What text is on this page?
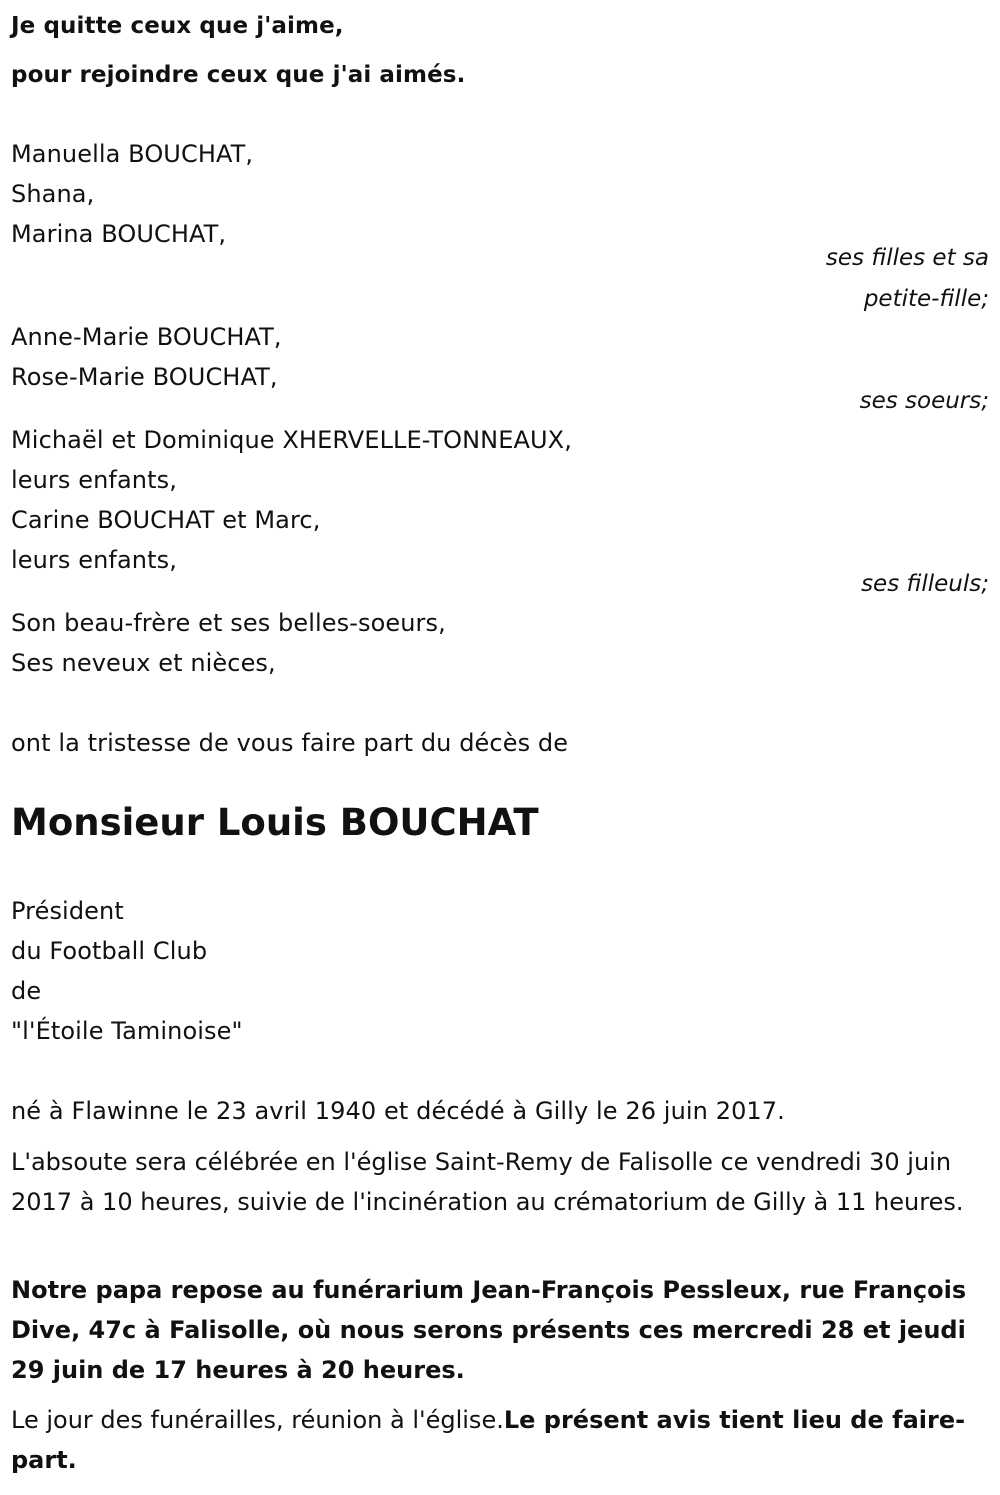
Je quitte ceux que j'aime,
pour rejoindre ceux que j'ai aimés.
Manuella BOUCHAT,
Shana,
Marina BOUCHAT,
ses filles et sa
petite-fille;
Anne-Marie BOUCHAT,
Rose-Marie BOUCHAT,
ses soeurs;
Michaël et Dominique XHERVELLE-TONNEAUX,
leurs enfants,
Carine BOUCHAT et Marc,
leurs enfants,
ses filleuls;
Son beau-frère et ses belles-soeurs,
Ses neveux et nièces,
ont la tristesse de vous faire part du décès de
Monsieur Louis BOUCHAT
Président
du Football Club
de
"l'Étoile Taminoise"
né à Flawinne le 23 avril 1940 et décédé à Gilly le 26 juin 2017.
L'absoute sera célébrée en l'église Saint-Remy de Falisolle ce vendredi 30 juin 2017 à 10 heures, suivie de l'incinération au crématorium de Gilly à 11 heures.
Notre papa repose au funérarium Jean-François Pessleux, rue François Dive, 47c à Falisolle, où nous serons présents ces mercredi 28 et jeudi 29 juin de 17 heures à 20 heures.
Le jour des funérailles, réunion à l'église.Le présent avis tient lieu de faire-part.
